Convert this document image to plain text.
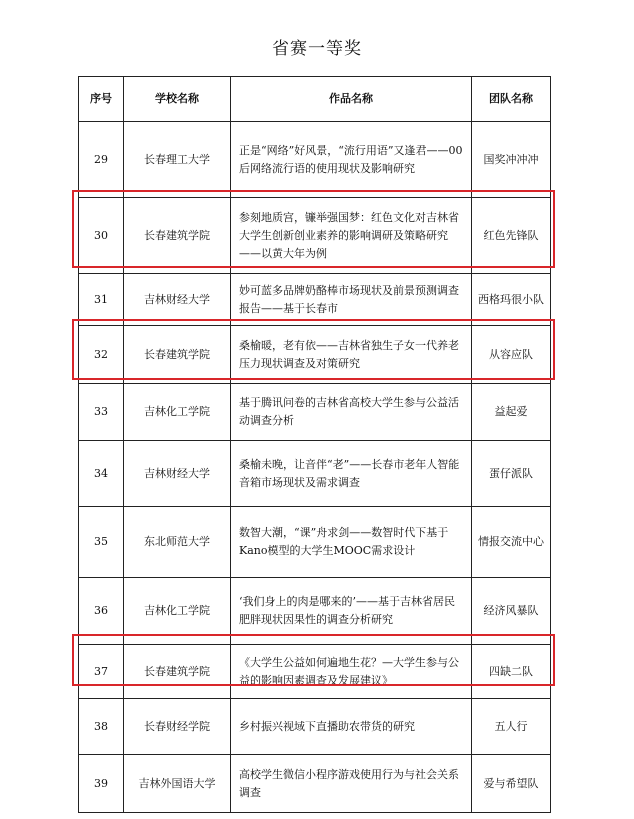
省赛一等奖
序号	学校名称	作品名称	团队名称
29	长春理工大学	正是“网络”好风景，“流行用语”又逢君——00后网络流行语的使用现状及影响研究	国奖冲冲冲
30	长春建筑学院	参刻地质宫，镰举强国梦：红色文化对吉林省大学生创新创业素养的影响调研及策略研究——以黄大年为例	红色先锋队
31	吉林财经大学	妙可蓝多品牌奶酪棒市场现状及前景预测调查报告——基于长春市	西格玛很小队
32	长春建筑学院	桑榆暖，老有依——吉林省独生子女一代养老压力现状调查及对策研究	从容应队
33	吉林化工学院	基于腾讯问卷的吉林省高校大学生参与公益活动调查分析	益起爱
34	吉林财经大学	桑榆未晚，让音伴“老”——长春市老年人智能音箱市场现状及需求调查	蛋仔派队
35	东北师范大学	数智大潮，“课”舟求剑——数智时代下基于Kano模型的大学生MOOC需求设计	情报交流中心
36	吉林化工学院	‘我们身上的肉是哪来的’——基于吉林省居民肥胖现状因果性的调查分析研究	经济风暴队
37	长春建筑学院	《大学生公益如何遍地生花？—大学生参与公益的影响因素调查及发展建议》	四缺二队
38	长春财经学院	乡村振兴视域下直播助农带货的研究	五人行
39	吉林外国语大学	高校学生微信小程序游戏使用行为与社会关系调查	爱与希望队
